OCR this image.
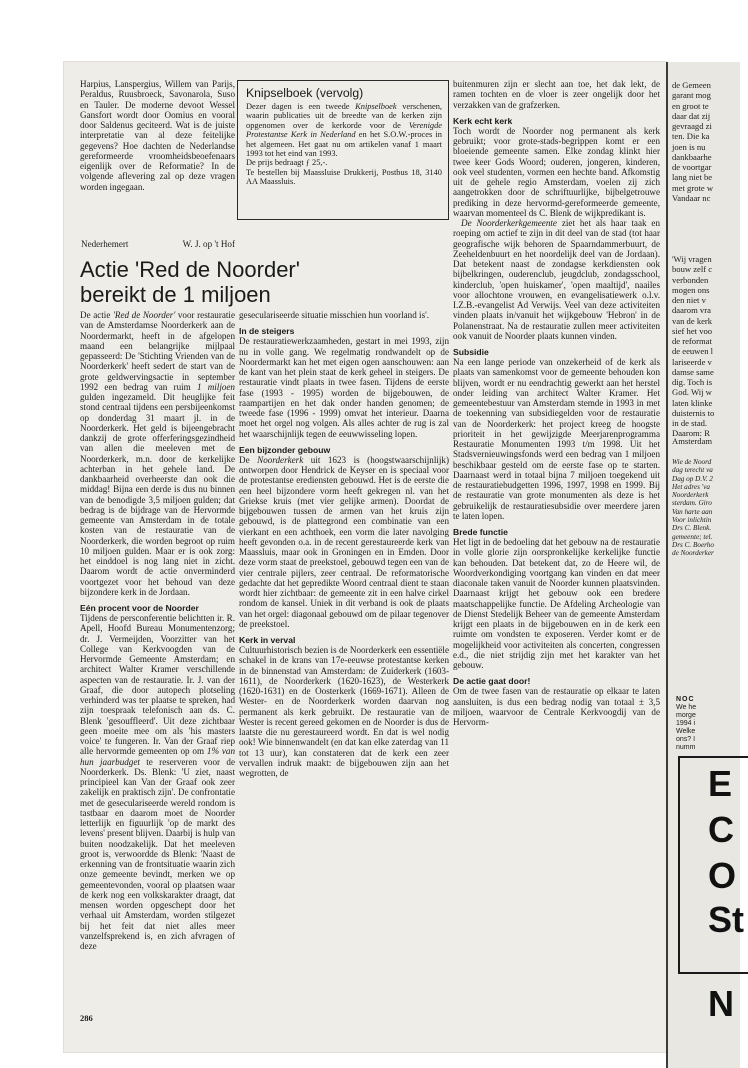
Harpius, Lanspergius, Willem van Parijs, Peraldus, Ruusbroeck, Savonarola, Suso en Tauler. De moderne devoot Wessel Gansfort wordt door Oomius en vooral door Saldenus geciteerd. Wat is de juiste interpretatie van al deze feitelijke gegevens? Hoe dachten de Nederlandse gereformeerde vroomheidsbeoefenaars eigenlijk over de Reformatie? In de volgende aflevering zal op deze vragen worden ingegaan.

Nederhemert	W. J. op 't Hof
Knipselboek (vervolg)

Dezer dagen is een tweede Knipselboek verschenen, waarin publicaties uit de breedte van de kerken zijn opgenomen over de kerkorde voor de Verenigde Protestantse Kerk in Nederland en het S.O.W.-proces in het algemeen. Het gaat nu om artikelen vanaf 1 maart 1993 tot het eind van 1993.

De prijs bedraagt ƒ 25,-.

Te bestellen bij Maassluise Drukkerij, Postbus 18, 3140 AA Maassluis.

Actie 'Red de Noorder' bereikt de 1 miljoen

De actie 'Red de Noorder' voor restauratie van de Amsterdamse Noorderkerk aan de Noordermarkt, heeft in de afgelopen maand een belangrijke mijlpaal gepasseerd: De 'Stichting Vrienden van de Noorderkerk' heeft sedert de start van de grote geldwervingsactie in september 1992 een bedrag van ruim 1 miljoen gulden ingezameld. Dit heuglijke feit stond centraal tijdens een persbijeenkomst op donderdag 31 maart jl. in de Noorderkerk. Het geld is bijeengebracht dankzij de grote offerferingsgezindheid van allen die meeleven met de Noorderkerk, m.n. door de kerkelijke achterban in het gehele land. De dankbaarheid overheerste dan ook die middag! Bijna een derde is dus nu binnen van de benodigde 3,5 miljoen gulden; dat bedrag is de bijdrage van de Hervormde gemeente van Amsterdam in de totale kosten van de restauratie van de Noorderkerk, die worden begroot op ruim 10 miljoen gulden. Maar er is ook zorg: het einddoel is nog lang niet in zicht. Daarom wordt de actie onverminderd voortgezet voor het behoud van deze bijzondere kerk in de Jordaan.

Eén procent voor de Noorder

Tijdens de persconferentie belichtten ir. R. Apell, Hoofd Bureau Monumentenzorg; dr. J. Vermeijden, Voorzitter van het College van Kerkvoogden van de Hervormde Gemeente Amsterdam; en architect Walter Kramer verschillende aspecten van de restauratie. Ir. J. van der Graaf, die door autopech plotseling verhinderd was ter plaatse te spreken, had zijn toespraak telefonisch aan ds. C. Blenk 'gesouffleerd'. Uit deze zichtbaar geen moeite mee om als 'his masters voice' te fungeren. Ir. Van der Graaf riep alle hervormde gemeenten op om 1% van hun jaarbudget te reserveren voor de Noorderkerk. Ds. Blenk: 'U ziet, naast principieel kan Van der Graaf ook zeer zakelijk en praktisch zijn'. De confrontatie met de geseculariseerde wereld rondom is tastbaar en daarom moet de Noorder letterlijk en figuurlijk 'op de markt des levens' present blijven. Daarbij is hulp van buiten noodzakelijk. Dat het meeleven groot is, verwoordde ds Blenk: 'Naast de erkenning van de frontsituatie waarin zich onze gemeente bevindt, merken we op gemeentevonden, vooral op plaatsen waar de kerk nog een volkskarakter draagt, dat mensen worden opgeschept door het verhaal uit Amsterdam, worden stilgezet bij het feit dat niet alles meer vanzelfsprekend is, en zich afvragen of deze

geseculariseerde situatie misschien hun voorland is'.

In de steigers

De restauratiewerkzaamheden, gestart in mei 1993, zijn nu in volle gang. We regelmatig rondwandelt op de Noordermarkt kan het met eigen ogen aanschouwen: aan de kant van het plein staat de kerk geheel in steigers. De restauratie vindt plaats in twee fasen. Tijdens de eerste fase (1993 - 1995) worden de bijgebouwen, de raampartijen en het dak onder handen genomen; de tweede fase (1996 - 1999) omvat het interieur. Daarna moet het orgel nog volgen. Als alles achter de rug is zal het waarschijnlijk tegen de eeuwwisseling lopen.

Een bijzonder gebouw

De Noorderkerk uit 1623 is (hoogstwaarschijnlijk) ontworpen door Hendrick de Keyser en is speciaal voor de protestantse erediensten gebouwd. Het is de eerste die een heel bijzondere vorm heeft gekregen nl. van het Griekse kruis (met vier gelijke armen). Doordat de bijgebouwen tussen de armen van het kruis zijn gebouwd, is de plattegrond een combinatie van een vierkant en een achthoek, een vorm die later navolging heeft gevonden o.a. in de recent gerestaureerde kerk van Maassluis, maar ook in Groningen en in Emden. Door deze vorm staat de preekstoel, gebouwd tegen een van de vier centrale pijlers, zeer centraal. De reformatorische gedachte dat het gepredikte Woord centraal dient te staan wordt hier zichtbaar: de gemeente zit in een halve cirkel rondom de kansel. Uniek in dit verband is ook de plaats van het orgel: diagonaal gebouwd om de pilaar tegenover de preekstoel.

Kerk in verval

Cultuurhistorisch bezien is de Noorderkerk een essentiële schakel in de krans van 17e-eeuwse protestantse kerken in de binnenstad van Amsterdam: de Zuiderkerk (1603-1611), de Noorderkerk (1620-1623), de Westerkerk (1620-1631) en de Oosterkerk (1669-1671). Alleen de Wester- en de Noorderkerk worden daarvan nog permanent als kerk gebruikt. De restauratie van de Wester is recent gereed gekomen en de Noorder is dus de laatste die nu gerestaureerd wordt. En dat is wel nodig ook! Wie binnenwandelt (en dat kan elke zaterdag van 11 tot 13 uur), kan constateren dat de kerk een zeer vervallen indruk maakt: de bijgebouwen zijn aan het wegrotten, de

buitenmuren zijn er slecht aan toe, het dak lekt, de ramen tochten en de vloer is zeer ongelijk door het verzakken van de grafzerken.

Kerk echt kerk

Toch wordt de Noorder nog permanent als kerk gebruikt; voor grote-stads-begrippen komt er een bloeiende gemeente samen. Elke zondag klinkt hier twee keer Gods Woord; ouderen, jongeren, kinderen, ook veel studenten, vormen een hechte band. Afkomstig uit de gehele regio Amsterdam, voelen zij zich aangetrokken door de schriftuurlijke, bijbelgetrouwe prediking in deze hervormd-gereformeerde gemeente, waarvan momenteel ds C. Blenk de wijkpredikant is.

De Noorderkerkgemeente ziet het als haar taak en roeping om actief te zijn in dit deel van de stad (tot haar geografische wijk behoren de Spaarndammerbuurt, de Zeeheldenbuurt en het noordelijk deel van de Jordaan). Dat betekent naast de zondagse kerkdiensten ook bijbelkringen, ouderenclub, jeugdclub, zondagsschool, kinderclub, 'open huiskamer', 'open maaltijd', naailes voor allochtone vrouwen, en evangelisatiewerk o.l.v. I.Z.B.-evangelist Ad Verwijs. Veel van deze activiteiten vinden plaats in/vanuit het wijkgebouw 'Hebron' in de Polanenstraat. Na de restauratie zullen meer activiteiten ook vanuit de Noorder plaats kunnen vinden.

Subsidie

Na een lange periode van onzekerheid of de kerk als plaats van samenkomst voor de gemeente behouden kon blijven, wordt er nu eendrachtig gewerkt aan het herstel onder leiding van architect Walter Kramer. Het gemeentebestuur van Amsterdam stemde in 1993 in met de toekenning van subsidiegelden voor de restauratie van de Noorderkerk: het project kreeg de hoogste prioriteit in het gewijzigde Meerjarenprogramma Restauratie Monumenten 1993 t/m 1998. Uit het Stadsvernieuwingsfonds werd een bedrag van 1 miljoen beschikbaar gesteld om de eerste fase op te starten. Daarnaast werd in totaal bijna 7 miljoen toegekend uit de restauratiebudgetten 1996, 1997, 1998 en 1999. Bij de restauratie van grote monumenten als deze is het gebruikelijk de restauratiesubsidie over meerdere jaren te laten lopen.

Brede functie

Het ligt in de bedoeling dat het gebouw na de restauratie in volle glorie zijn oorspronkelijke kerkelijke functie kan behouden. Dat betekent dat, zo de Heere wil, de Woordverkondiging voortgang kan vinden en dat meer diaconale taken vanuit de Noorder kunnen plaatsvinden. Daarnaast krijgt het gebouw ook een bredere maatschappelijke functie. De Afdeling Archeologie van de Dienst Stedelijk Beheer van de gemeente Amsterdam krijgt een plaats in de bijgebouwen en in de kerk een ruimte om vondsten te exposeren. Verder komt er de mogelijkheid voor activiteiten als concerten, congressen e.d., die niet strijdig zijn met het karakter van het gebouw.

De actie gaat door!

Om de twee fasen van de restauratie op elkaar te laten aansluiten, is dus een bedrag nodig van totaal ± 3,5 miljoen, waarvoor de Centrale Kerkvoogdij van de Hervorm-

286

de Gemeen

garant mog

en groot te

daar dat zij

gevraagd zi

ten. Die ka

joen is nu

dankbaarhe

de voortgar

lang niet be

met grote w

Vandaar nc

'Wij vragen

bouw zelf c

verbonden

mogen ons

den niet v

daarom vra

van de kerk

sief het voo

de reformat

de eeuwen l

lariseerde v

damse same

dig. Toch is

God. Wij w

laten klinke

duisternis to

in de stad.

Daarom: R

Amsterdam

Wie de Noord

dag terecht va

Dag op D.V. 2

Het adres 'va

Noorderkerk

sterdam. Giro

Van harte aan

Voor inlichtin

Drs C. Blenk.

gemeente; tel.

Drs C. Boerho

de Noorderker

NOC
We he
morge
1994 i
Welke
ons? I
numm
E
C
O
St
N
